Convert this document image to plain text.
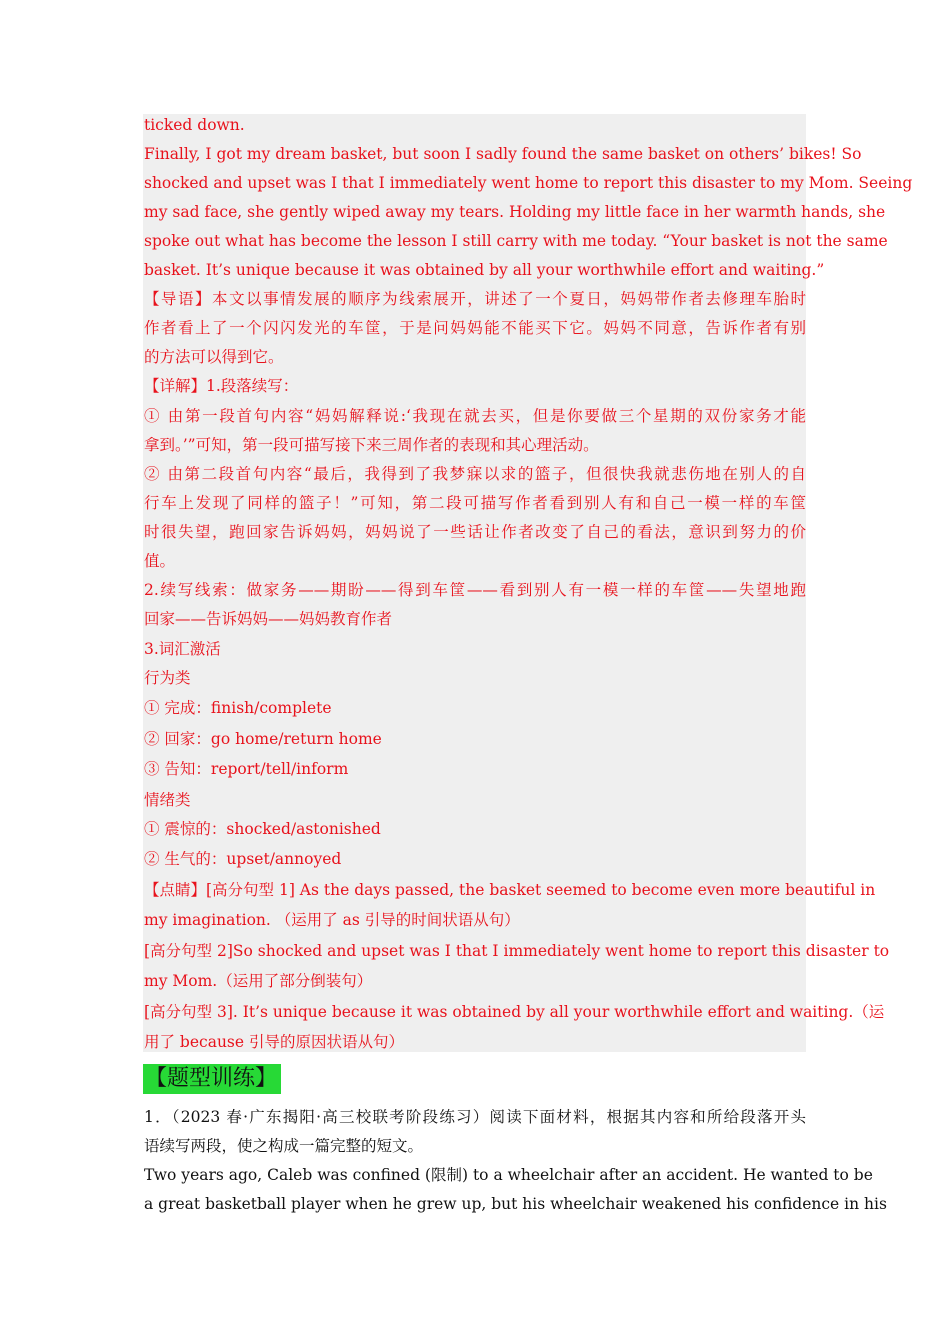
ticked down.
Finally, I got my dream basket, but soon I sadly found the same basket on others’ bikes! So
shocked and upset was I that I immediately went home to report this disaster to my Mom. Seeing
my sad face, she gently wiped away my tears. Holding my little face in her warmth hands, she
spoke out what has become the lesson I still carry with me today. “Your basket is not the same
basket. It’s unique because it was obtained by all your worthwhile effort and waiting.”
【导语】本文以事情发展的顺序为线索展开，讲述了一个夏日，妈妈带作者去修理车胎时
作者看上了一个闪闪发光的车筐，于是问妈妈能不能买下它。妈妈不同意，告诉作者有别
的方法可以得到它。
【详解】1.段落续写：
① 由第一段首句内容“妈妈解释说:‘我现在就去买，但是你要做三个星期的双份家务才能
拿到。’”可知，第一段可描写接下来三周作者的表现和其心理活动。
② 由第二段首句内容“最后，我得到了我梦寐以求的篮子，但很快我就悲伤地在别人的自
行车上发现了同样的篮子！”可知，第二段可描写作者看到别人有和自己一模一样的车筐
时很失望，跑回家告诉妈妈，妈妈说了一些话让作者改变了自己的看法，意识到努力的价
值。
2.续写线索：做家务——期盼——得到车筐——看到别人有一模一样的车筐——失望地跑
回家——告诉妈妈——妈妈教育作者
3.词汇激活
行为类
① 完成：finish/complete
② 回家：go home/return home
③ 告知：report/tell/inform
情绪类
① 震惊的：shocked/astonished
② 生气的：upset/annoyed
【点睛】[高分句型 1] As the days passed, the basket seemed to become even more beautiful in
my imagination. （运用了 as 引导的时间状语从句）
[高分句型 2]So shocked and upset was I that I immediately went home to report this disaster to
my Mom.（运用了部分倒装句）
[高分句型 3]. It’s unique because it was obtained by all your worthwhile effort and waiting.（运
用了 because 引导的原因状语从句）
【题型训练】
1．（2023 春·广东揭阳·高三校联考阶段练习）阅读下面材料，根据其内容和所给段落开头
语续写两段，使之构成一篇完整的短文。
Two years ago, Caleb was confined (限制) to a wheelchair after an accident. He wanted to be
a great basketball player when he grew up, but his wheelchair weakened his confidence in his
